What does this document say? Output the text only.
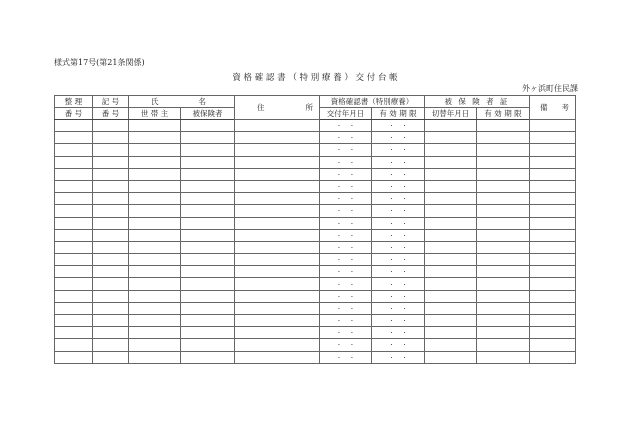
様式第17号(第21条関係)
資 格 確 認 書 （ 特 別 療 養 ） 交 付 台 帳
外ヶ浜町住民課
整 理	記 号	氏 名		住 所	資格確認書（特別療養）		被 保 険 者 証		備 考

番 号	番 号	世 帯 主	被保険者		交付年月日	有 効 期 限	切替年月日	有 効 期 限	
					· ·	· ·			
					· ·	· ·			
					· ·	· ·			
					· ·	· ·			
					· ·	· ·			
					· ·	· ·			
					· ·	· ·			
					· ·	· ·			
					· ·	· ·			
					· ·	· ·			
					· ·	· ·			
					· ·	· ·			
					· ·	· ·			
					· ·	· ·			
					· ·	· ·			
					· ·	· ·			
					· ·	· ·			
					· ·	· ·			
					· ·	· ·			
					· ·	· ·			
